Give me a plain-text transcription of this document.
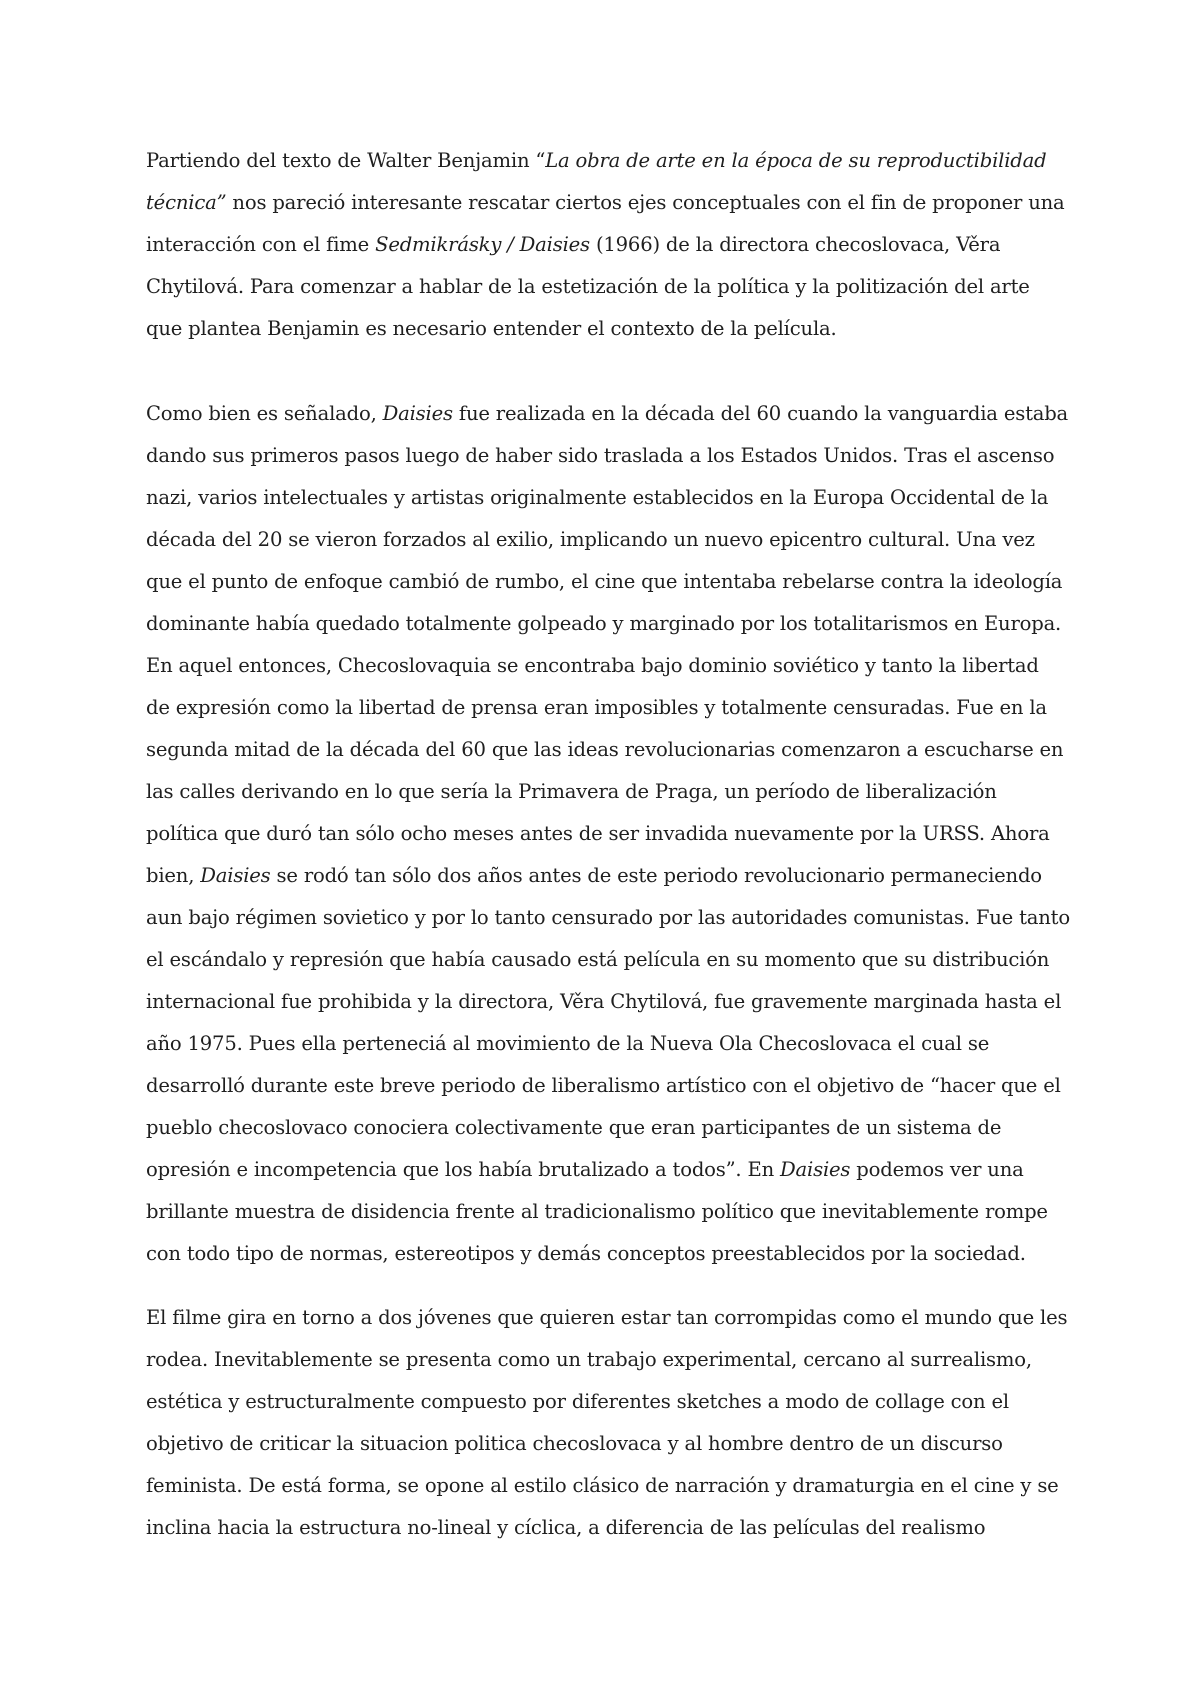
Partiendo del texto de Walter Benjamin “La obra de arte en la época de su reproductibilidad

técnica” nos pareció interesante rescatar ciertos ejes conceptuales con el fin de proponer una

interacción con el fime Sedmikrásky / Daisies (1966) de la directora checoslovaca, Věra

Chytilová. Para comenzar a hablar de la estetización de la política y la politización del arte

que plantea Benjamin es necesario entender el contexto de la película.

Como bien es señalado, Daisies fue realizada en la década del 60 cuando la vanguardia estaba

dando sus primeros pasos luego de haber sido traslada a los Estados Unidos. Tras el ascenso

nazi, varios intelectuales y artistas originalmente establecidos en la Europa Occidental de la

década del 20 se vieron forzados al exilio, implicando un nuevo epicentro cultural. Una vez

que el punto de enfoque cambió de rumbo, el cine que intentaba rebelarse contra la ideología

dominante había quedado totalmente golpeado y marginado por los totalitarismos en Europa.

En aquel entonces, Checoslovaquia se encontraba bajo dominio soviético y tanto la libertad

de expresión como la libertad de prensa eran imposibles y totalmente censuradas. Fue en la

segunda mitad de la década del 60 que las ideas revolucionarias comenzaron a escucharse en

las calles derivando en lo que sería la Primavera de Praga, un período de liberalización

política que duró tan sólo ocho meses antes de ser invadida nuevamente por la URSS. Ahora

bien, Daisies se rodó tan sólo dos años antes de este periodo revolucionario permaneciendo

aun bajo régimen sovietico y por lo tanto censurado por las autoridades comunistas. Fue tanto

el escándalo y represión que había causado está película en su momento que su distribución

internacional fue prohibida y la directora, Věra Chytilová, fue gravemente marginada hasta el

año 1975. Pues ella perteneciá al movimiento de la Nueva Ola Checoslovaca el cual se

desarrolló durante este breve periodo de liberalismo artístico con el objetivo de “hacer que el

pueblo checoslovaco conociera colectivamente que eran participantes de un sistema de

opresión e incompetencia que los había brutalizado a todos”. En Daisies podemos ver una

brillante muestra de disidencia frente al tradicionalismo político que inevitablemente rompe

con todo tipo de normas, estereotipos y demás conceptos preestablecidos por la sociedad.

El filme gira en torno a dos jóvenes que quieren estar tan corrompidas como el mundo que les

rodea. Inevitablemente se presenta como un trabajo experimental, cercano al surrealismo,

estética y estructuralmente compuesto por diferentes sketches a modo de collage con el

objetivo de criticar la situacion politica checoslovaca y al hombre dentro de un discurso

feminista. De está forma, se opone al estilo clásico de narración y dramaturgia en el cine y se

inclina hacia la estructura no-lineal y cíclica, a diferencia de las películas del realismo
